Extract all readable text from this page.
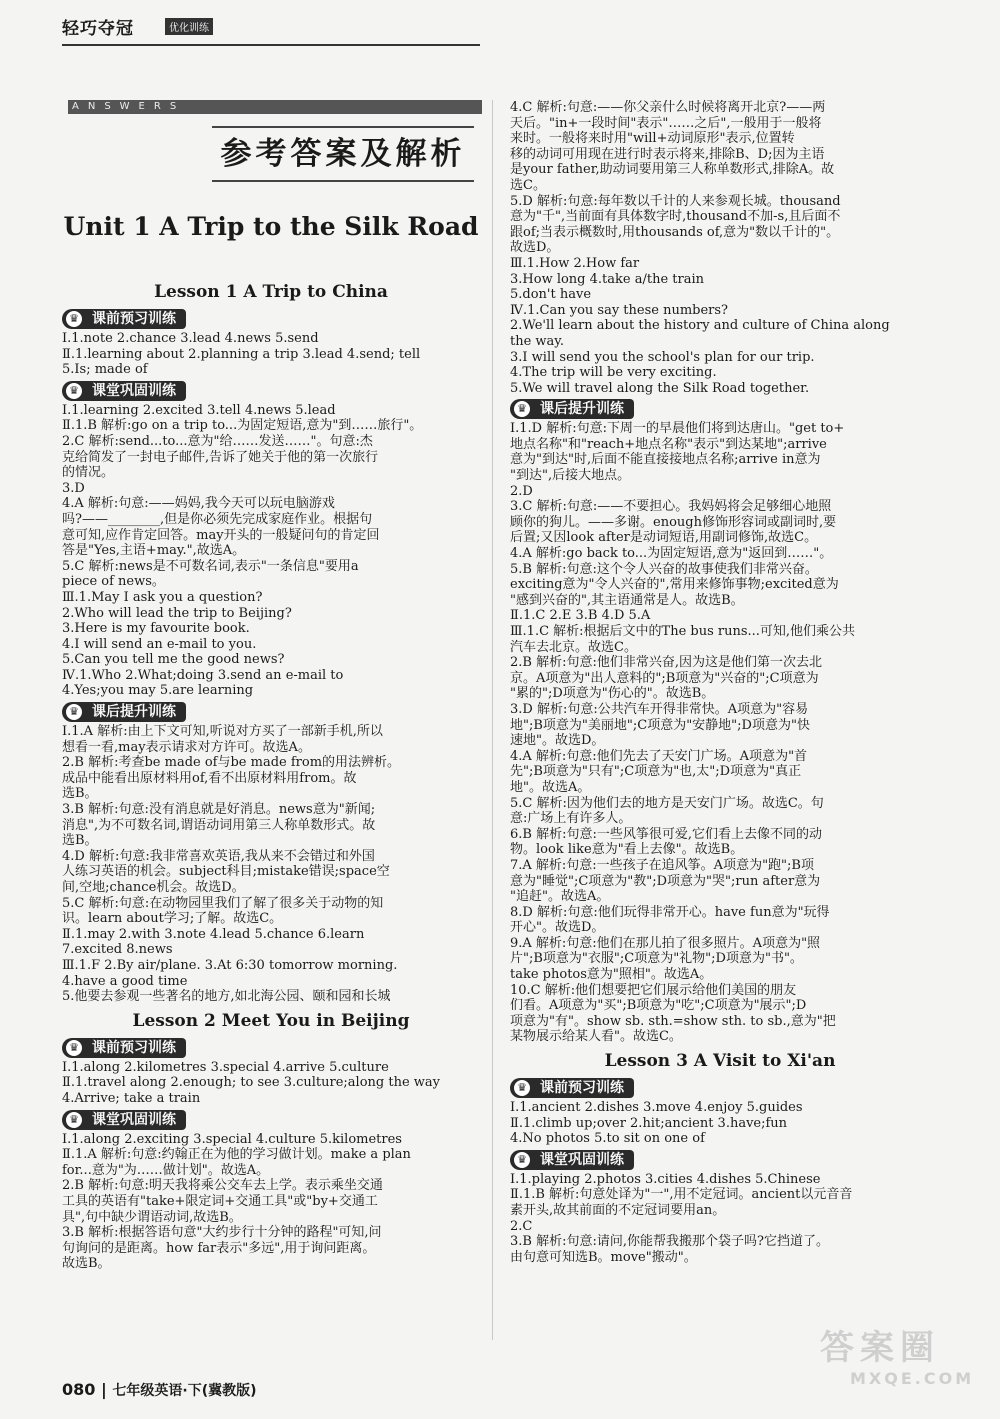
轻巧夺冠	优化训练
ANSWERS
参考答案及解析
Unit 1 A Trip to the Silk Road
Lesson 1 A Trip to China
♛ 课前预习训练
Ⅰ.1.note 2.chance 3.lead 4.news 5.send
Ⅱ.1.learning about 2.planning a trip 3.lead 4.send; tell
5.Is; made of
♛ 课堂巩固训练
Ⅰ.1.learning 2.excited 3.tell 4.news 5.lead
Ⅱ.1.B 解析:go on a trip to...为固定短语,意为"到……旅行"。
2.C 解析:send...to...意为"给……发送……"。句意:杰
克给简发了一封电子邮件,告诉了她关于他的第一次旅行
的情况。
3.D
4.A 解析:句意:——妈妈,我今天可以玩电脑游戏
吗?——________,但是你必须先完成家庭作业。根据句
意可知,应作肯定回答。may开头的一般疑问句的肯定回
答是"Yes,主语+may.",故选A。
5.C 解析:news是不可数名词,表示"一条信息"要用a
piece of news。
Ⅲ.1.May I ask you a question?
2.Who will lead the trip to Beijing?
3.Here is my favourite book.
4.I will send an e-mail to you.
5.Can you tell me the good news?
Ⅳ.1.Who 2.What;doing 3.send an e-mail to
4.Yes;you may 5.are learning
♛ 课后提升训练
Ⅰ.1.A 解析:由上下文可知,听说对方买了一部新手机,所以
想看一看,may表示请求对方许可。故选A。
2.B 解析:考查be made of与be made from的用法辨析。
成品中能看出原材料用of,看不出原材料用from。故
选B。
3.B 解析:句意:没有消息就是好消息。news意为"新闻;
消息",为不可数名词,谓语动词用第三人称单数形式。故
选B。
4.D 解析:句意:我非常喜欢英语,我从来不会错过和外国
人练习英语的机会。subject科目;mistake错误;space空
间,空地;chance机会。故选D。
5.C 解析:句意:在动物园里我们了解了很多关于动物的知
识。learn about学习;了解。故选C。
Ⅱ.1.may 2.with 3.note 4.lead 5.chance 6.learn
7.excited 8.news
Ⅲ.1.F 2.By air/plane. 3.At 6:30 tomorrow morning.
4.have a good time
5.他要去参观一些著名的地方,如北海公园、颐和园和长城
Lesson 2 Meet You in Beijing
♛ 课前预习训练
Ⅰ.1.along 2.kilometres 3.special 4.arrive 5.culture
Ⅱ.1.travel along 2.enough; to see 3.culture;along the way
4.Arrive; take a train
♛ 课堂巩固训练
Ⅰ.1.along 2.exciting 3.special 4.culture 5.kilometres
Ⅱ.1.A 解析:句意:约翰正在为他的学习做计划。make a plan
for...意为"为……做计划"。故选A。
2.B 解析:句意:明天我将乘公交车去上学。表示乘坐交通
工具的英语有"take+限定词+交通工具"或"by+交通工
具",句中缺少谓语动词,故选B。
3.B 解析:根据答语句意"大约步行十分钟的路程"可知,问
句询问的是距离。how far表示"多远",用于询问距离。
故选B。
4.C 解析:句意:——你父亲什么时候将离开北京?——两
天后。"in+一段时间"表示"……之后",一般用于一般将
来时。一般将来时用"will+动词原形"表示,位置转
移的动词可用现在进行时表示将来,排除B、D;因为主语
是your father,助动词要用第三人称单数形式,排除A。故
选C。
5.D 解析:句意:每年数以千计的人来参观长城。thousand
意为"千",当前面有具体数字时,thousand不加-s,且后面不
跟of;当表示概数时,用thousands of,意为"数以千计的"。
故选D。
Ⅲ.1.How 2.How far
3.How long 4.take a/the train
5.don't have
Ⅳ.1.Can you say these numbers?
2.We'll learn about the history and culture of China along
the way.
3.I will send you the school's plan for our trip.
4.The trip will be very exciting.
5.We will travel along the Silk Road together.
♛ 课后提升训练
Ⅰ.1.D 解析:句意:下周一的早晨他们将到达唐山。"get to+
地点名称"和"reach+地点名称"表示"到达某地";arrive
意为"到达"时,后面不能直接接地点名称;arrive in意为
"到达",后接大地点。
2.D
3.C 解析:句意:——不要担心。我妈妈将会足够细心地照
顾你的狗儿。——多谢。enough修饰形容词或副词时,要
后置;又因look after是动词短语,用副词修饰,故选C。
4.A 解析:go back to...为固定短语,意为"返回到……"。
5.B 解析:句意:这个令人兴奋的故事使我们非常兴奋。
exciting意为"令人兴奋的",常用来修饰事物;excited意为
"感到兴奋的",其主语通常是人。故选B。
Ⅱ.1.C 2.E 3.B 4.D 5.A
Ⅲ.1.C 解析:根据后文中的The bus runs...可知,他们乘公共
汽车去北京。故选C。
2.B 解析:句意:他们非常兴奋,因为这是他们第一次去北
京。A项意为"出人意料的";B项意为"兴奋的";C项意为
"累的";D项意为"伤心的"。故选B。
3.D 解析:句意:公共汽车开得非常快。A项意为"容易
地";B项意为"美丽地";C项意为"安静地";D项意为"快
速地"。故选D。
4.A 解析:句意:他们先去了天安门广场。A项意为"首
先";B项意为"只有";C项意为"也,太";D项意为"真正
地"。故选A。
5.C 解析:因为他们去的地方是天安门广场。故选C。句
意:广场上有许多人。
6.B 解析:句意:一些风筝很可爱,它们看上去像不同的动
物。look like意为"看上去像"。故选B。
7.A 解析:句意:一些孩子在追风筝。A项意为"跑";B项
意为"睡觉";C项意为"教";D项意为"哭";run after意为
"追赶"。故选A。
8.D 解析:句意:他们玩得非常开心。have fun意为"玩得
开心"。故选D。
9.A 解析:句意:他们在那儿拍了很多照片。A项意为"照
片";B项意为"衣服";C项意为"礼物";D项意为"书"。
take photos意为"照相"。故选A。
10.C 解析:他们想要把它们展示给他们美国的朋友
们看。A项意为"买";B项意为"吃";C项意为"展示";D
项意为"有"。show sb. sth.=show sth. to sb.,意为"把
某物展示给某人看"。故选C。
Lesson 3 A Visit to Xi'an
♛ 课前预习训练
Ⅰ.1.ancient 2.dishes 3.move 4.enjoy 5.guides
Ⅱ.1.climb up;over 2.hit;ancient 3.have;fun
4.No photos 5.to sit on one of
♛ 课堂巩固训练
Ⅰ.1.playing 2.photos 3.cities 4.dishes 5.Chinese
Ⅱ.1.B 解析:句意处译为"一",用不定冠词。ancient以元音音
素开头,故其前面的不定冠词要用an。
2.C
3.B 解析:句意:请问,你能帮我搬那个袋子吗?它挡道了。
由句意可知选B。move"搬动"。
080 | 七年级英语·下(冀教版)
答案圈
MXQE.COM
